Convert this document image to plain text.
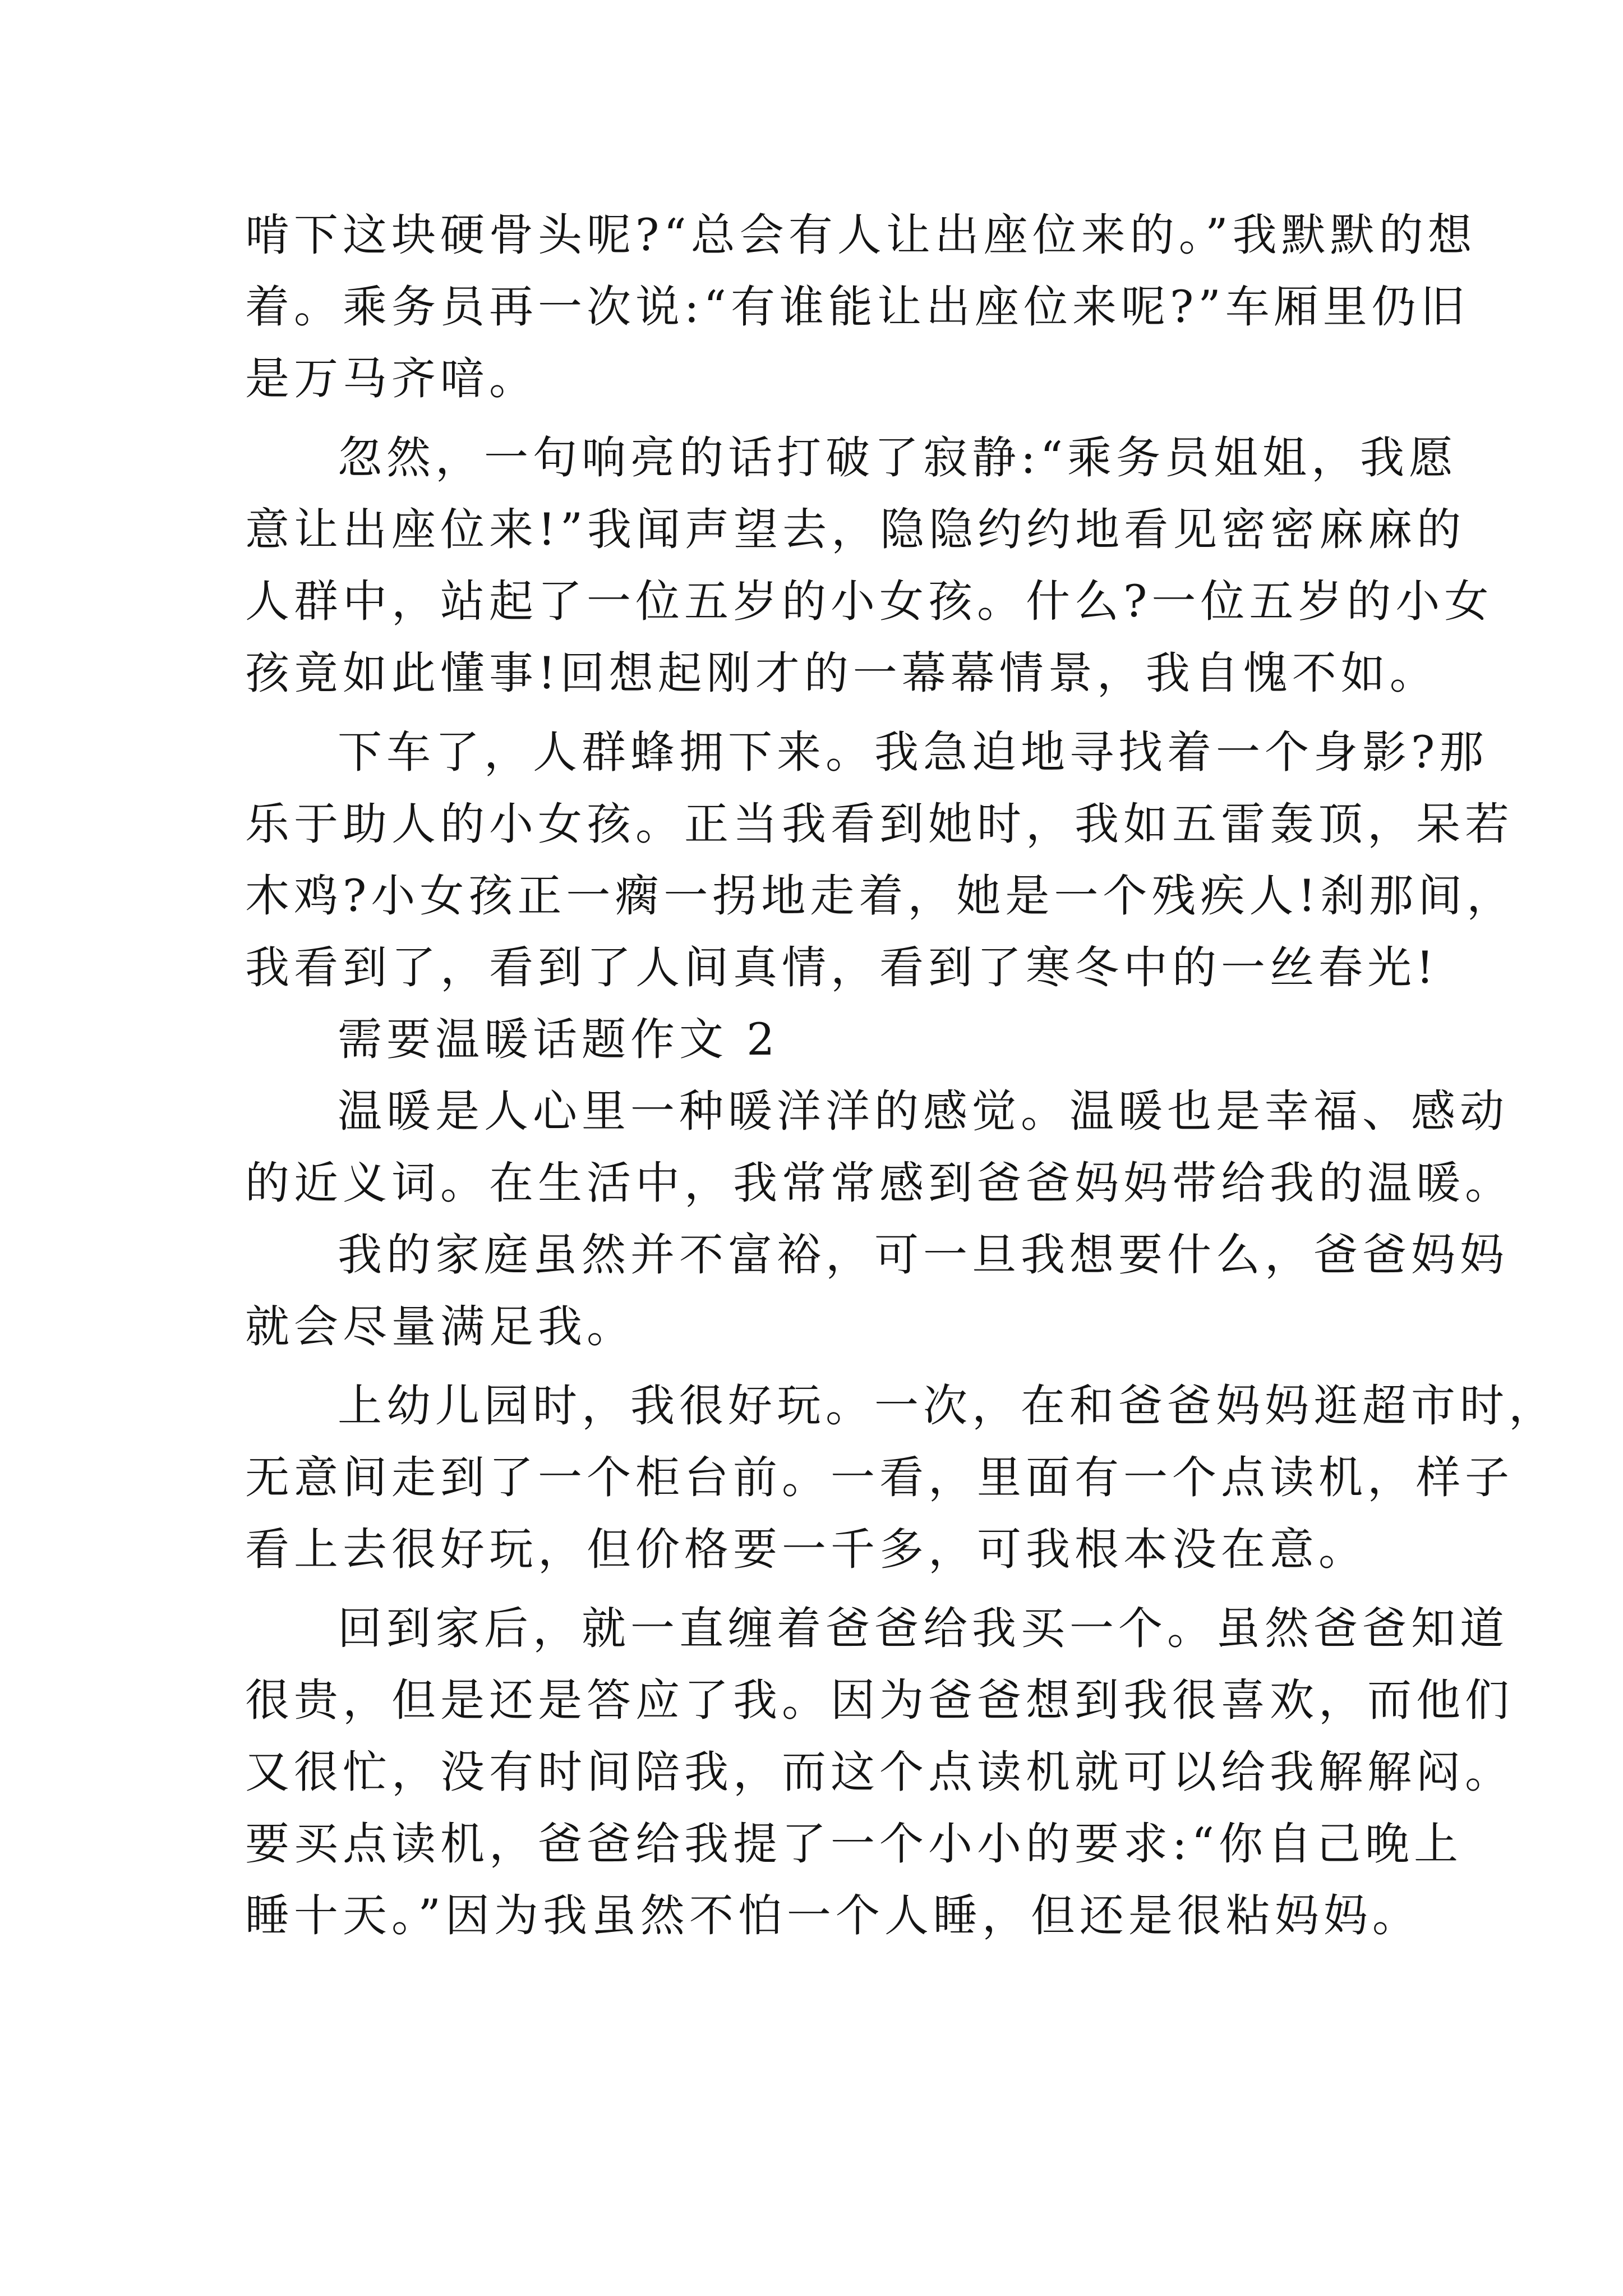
啃下这块硬骨头呢?“总会有人让出座位来的。”我默默的想
着。乘务员再一次说:“有谁能让出座位来呢?”车厢里仍旧
是万马齐喑。
忽然，一句响亮的话打破了寂静:“乘务员姐姐，我愿
意让出座位来!”我闻声望去，隐隐约约地看见密密麻麻的
人群中，站起了一位五岁的小女孩。什么?一位五岁的小女
孩竟如此懂事!回想起刚才的一幕幕情景，我自愧不如。
下车了，人群蜂拥下来。我急迫地寻找着一个身影?那
乐于助人的小女孩。正当我看到她时，我如五雷轰顶，呆若
木鸡?小女孩正一瘸一拐地走着，她是一个残疾人!刹那间，
我看到了，看到了人间真情，看到了寒冬中的一丝春光!
需要温暖话题作文 2
温暖是人心里一种暖洋洋的感觉。温暖也是幸福、感动
的近义词。在生活中，我常常感到爸爸妈妈带给我的温暖。
我的家庭虽然并不富裕，可一旦我想要什么，爸爸妈妈
就会尽量满足我。
上幼儿园时，我很好玩。一次，在和爸爸妈妈逛超市时，
无意间走到了一个柜台前。一看，里面有一个点读机，样子
看上去很好玩，但价格要一千多，可我根本没在意。
回到家后，就一直缠着爸爸给我买一个。虽然爸爸知道
很贵，但是还是答应了我。因为爸爸想到我很喜欢，而他们
又很忙，没有时间陪我，而这个点读机就可以给我解解闷。
要买点读机，爸爸给我提了一个小小的要求:“你自己晚上
睡十天。”因为我虽然不怕一个人睡，但还是很粘妈妈。
